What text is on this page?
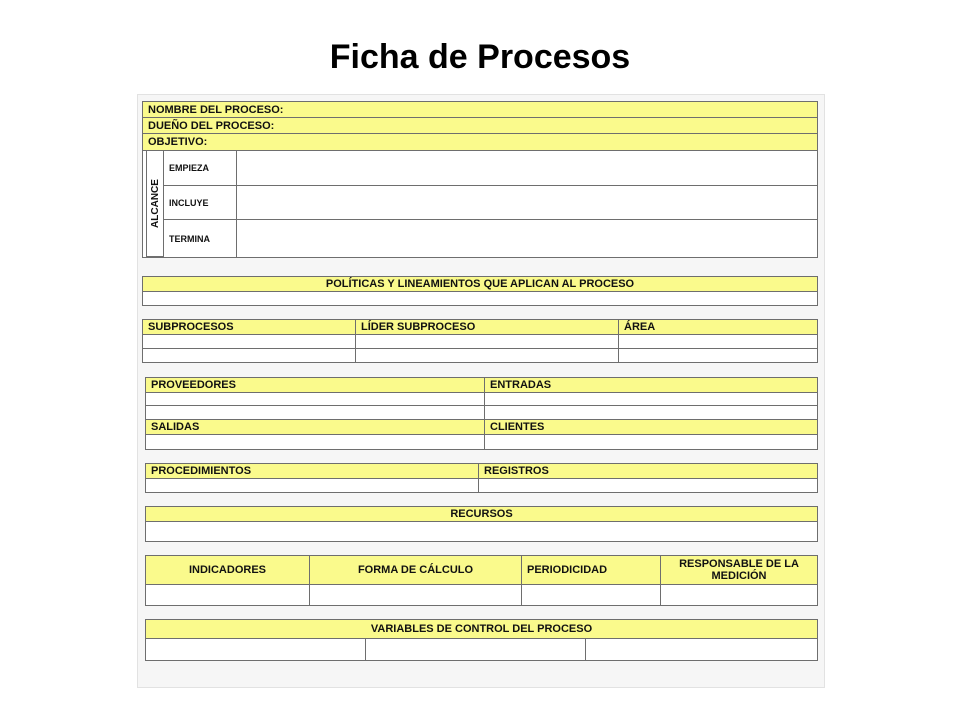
Ficha de Procesos
NOMBRE DEL PROCESO:
DUEÑO DEL PROCESO:
OBJETIVO:
ALCANCE
EMPIEZA
INCLUYE
TERMINA
POLÍTICAS Y LINEAMIENTOS QUE APLICAN AL PROCESO
SUBPROCESOS	LÍDER SUBPROCESO	ÁREA
PROVEEDORES	ENTRADAS
SALIDAS	CLIENTES
PROCEDIMIENTOS	REGISTROS
RECURSOS
INDICADORES	FORMA DE CÁLCULO	PERIODICIDAD	RESPONSABLE DE LA MEDICIÓN
VARIABLES DE CONTROL DEL PROCESO
